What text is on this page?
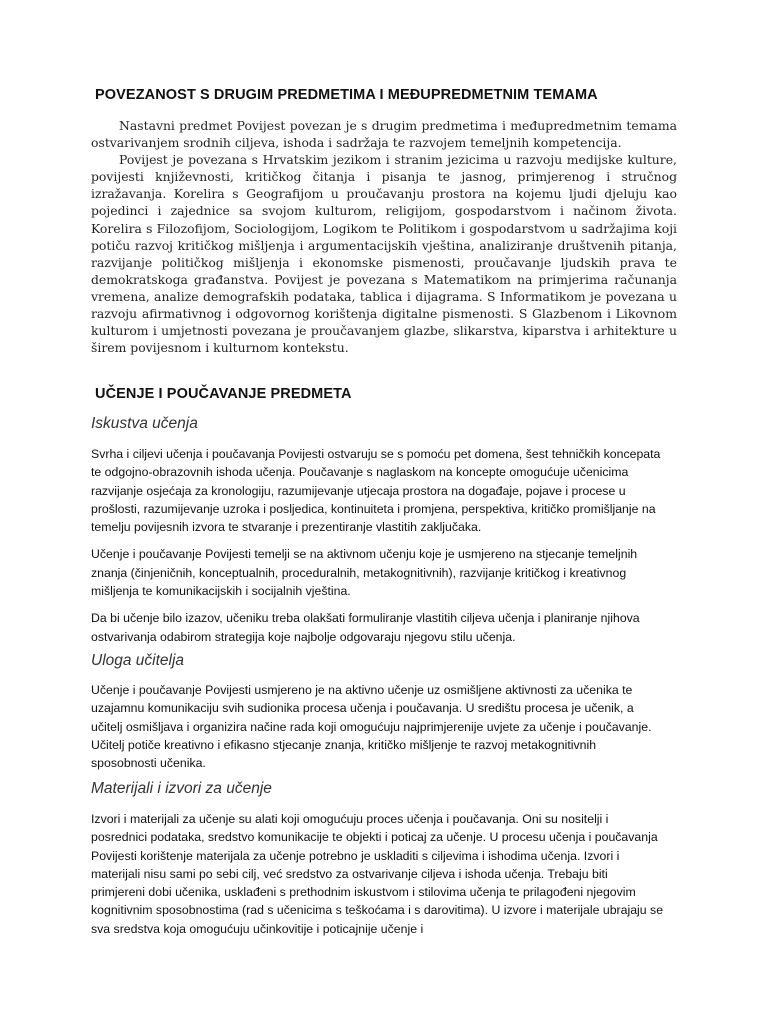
POVEZANOST S DRUGIM PREDMETIMA I MEĐUPREDMETNIM TEMAMA

Nastavni predmet Povijest povezan je s drugim predmetima i međupredmetnim temama ostvarivanjem srodnih ciljeva, ishoda i sadržaja te razvojem temeljnih kompetencija.

Povijest je povezana s Hrvatskim jezikom i stranim jezicima u razvoju medijske kulture, povijesti književnosti, kritičkog čitanja i pisanja te jasnog, primjerenog i stručnog izražavanja. Korelira s Geografijom u proučavanju prostora na kojemu ljudi djeluju kao pojedinci i zajednice sa svojom kulturom, religijom, gospodarstvom i načinom života. Korelira s Filozofijom, Sociologijom, Logikom te Politikom i gospodarstvom u sadržajima koji potiču razvoj kritičkog mišljenja i argumentacijskih vještina, analiziranje društvenih pitanja, razvijanje političkog mišljenja i ekonomske pismenosti, proučavanje ljudskih prava te demokratskoga građanstva. Povijest je povezana s Matematikom na primjerima računanja vremena, analize demografskih podataka, tablica i dijagrama. S Informatikom je povezana u razvoju afirmativnog i odgovornog korištenja digitalne pismenosti. S Glazbenom i Likovnom kulturom i umjetnosti povezana je proučavanjem glazbe, slikarstva, kiparstva i arhitekture u širem povijesnom i kulturnom kontekstu.

UČENJE I POUČAVANJE PREDMETA
Iskustva učenja

Svrha i ciljevi učenja i poučavanja Povijesti ostvaruju se s pomoću pet domena, šest tehničkih koncepata te odgojno-obrazovnih ishoda učenja. Poučavanje s naglaskom na koncepte omogućuje učenicima razvijanje osjećaja za kronologiju, razumijevanje utjecaja prostora na događaje, pojave i procese u prošlosti, razumijevanje uzroka i posljedica, kontinuiteta i promjena, perspektiva, kritičko promišljanje na temelju povijesnih izvora te stvaranje i prezentiranje vlastitih zaključaka.

Učenje i poučavanje Povijesti temelji se na aktivnom učenju koje je usmjereno na stjecanje temeljnih znanja (činjeničnih, konceptualnih, proceduralnih, metakognitivnih), razvijanje kritičkog i kreativnog mišljenja te komunikacijskih i socijalnih vještina.

Da bi učenje bilo izazov, učeniku treba olakšati formuliranje vlastitih ciljeva učenja i planiranje njihova ostvarivanja odabirom strategija koje najbolje odgovaraju njegovu stilu učenja.

Uloga učitelja

Učenje i poučavanje Povijesti usmjereno je na aktivno učenje uz osmišljene aktivnosti za učenika te uzajamnu komunikaciju svih sudionika procesa učenja i poučavanja. U središtu procesa je učenik, a učitelj osmišljava i organizira načine rada koji omogućuju najprimjerenije uvjete za učenje i poučavanje. Učitelj potiče kreativno i efikasno stjecanje znanja, kritičko mišljenje te razvoj metakognitivnih sposobnosti učenika.

Materijali i izvori za učenje

Izvori i materijali za učenje su alati koji omogućuju proces učenja i poučavanja. Oni su nositelji i posrednici podataka, sredstvo komunikacije te objekti i poticaj za učenje. U procesu učenja i poučavanja Povijesti korištenje materijala za učenje potrebno je uskladiti s ciljevima i ishodima učenja. Izvori i materijali nisu sami po sebi cilj, već sredstvo za ostvarivanje ciljeva i ishoda učenja. Trebaju biti primjereni dobi učenika, usklađeni s prethodnim iskustvom i stilovima učenja te prilagođeni njegovim kognitivnim sposobnostima (rad s učenicima s teškoćama i s darovitima). U izvore i materijale ubrajaju se sva sredstva koja omogućuju učinkovitije i poticajnije učenje i
